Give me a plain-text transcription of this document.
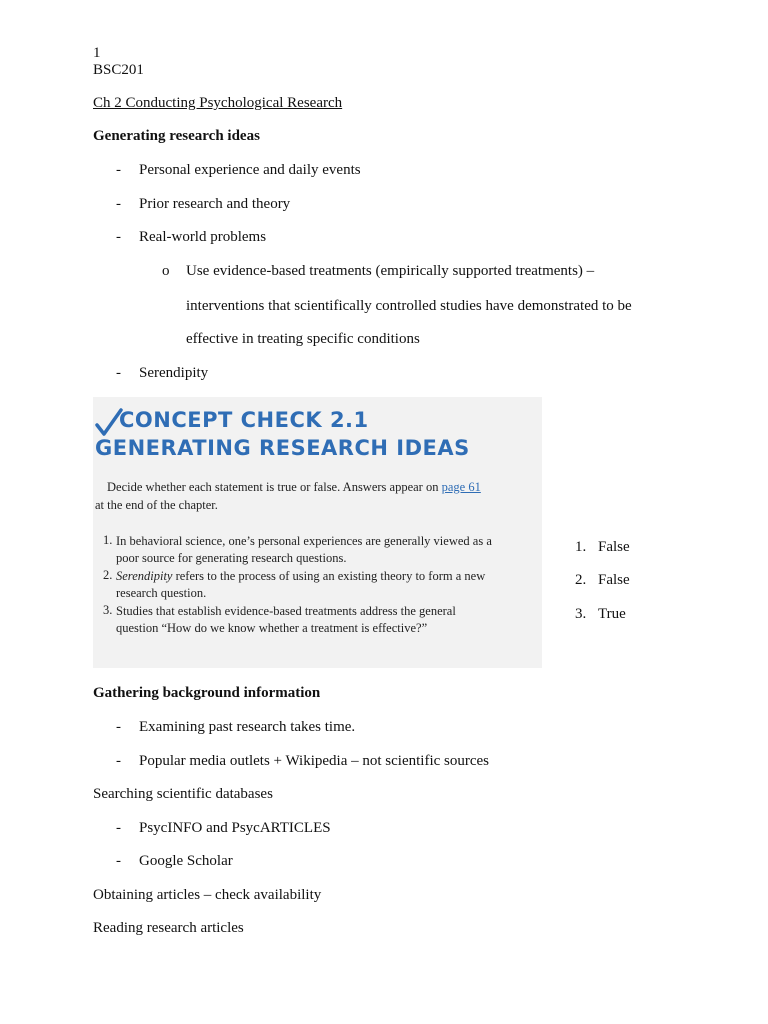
1
BSC201
Ch 2 Conducting Psychological Research
Generating research ideas
- Personal experience and daily events
- Prior research and theory
- Real-world problems
o Use evidence-based treatments (empirically supported treatments) –
interventions that scientifically controlled studies have demonstrated to be
effective in treating specific conditions
- Serendipity
CONCEPT CHECK 2.1
GENERATING RESEARCH IDEAS
Decide whether each statement is true or false. Answers appear on page 61
at the end of the chapter.
1. In behavioral science, one’s personal experiences are generally viewed as a
poor source for generating research questions.
2. Serendipity refers to the process of using an existing theory to form a new
research question.
3. Studies that establish evidence-based treatments address the general
question “How do we know whether a treatment is effective?”
1. False
2. False
3. True
Gathering background information
- Examining past research takes time.
- Popular media outlets + Wikipedia – not scientific sources
Searching scientific databases
- PsycINFO and PsycARTICLES
- Google Scholar
Obtaining articles – check availability
Reading research articles
